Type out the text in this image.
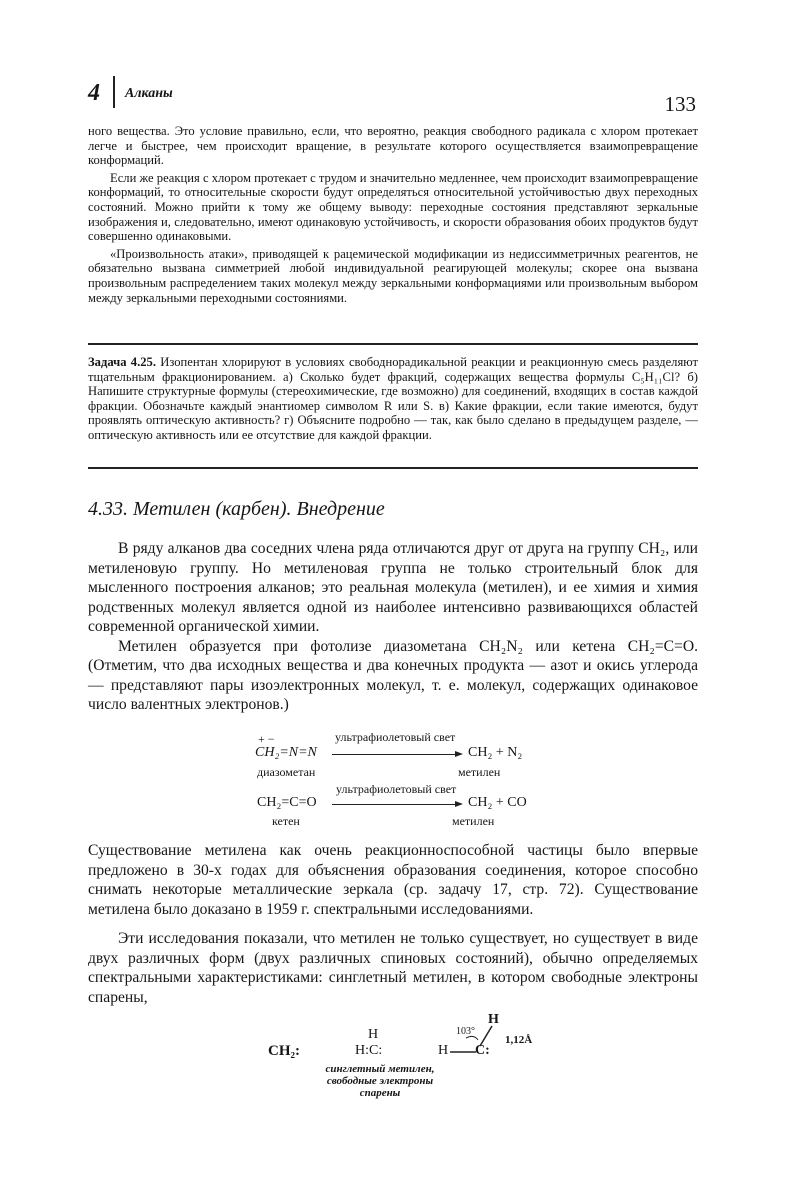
4 Алканы	133

ного вещества. Это условие правильно, если, что вероятно, реакция свободного радикала с хлором протекает легче и быстрее, чем происходит вращение, в результате которого осуществляется взаимопревращение конформаций.

Если же реакция с хлором протекает с трудом и значительно медленнее, чем происходит взаимопревращение конформаций, то относительные скорости будут определяться относительной устойчивостью двух переходных состояний. Можно прийти к тому же общему выводу: переходные состояния представляют зеркальные изображения и, следовательно, имеют одинаковую устойчивость, и скорости образования обоих продуктов будут совершенно одинаковыми.

«Произвольность атаки», приводящей к рацемической модификации из недиссимметричных реагентов, не обязательно вызвана симметрией любой индивидуальной реагирующей молекулы; скорее она вызвана произвольным распределением таких молекул между зеркальными конформациями или произвольным выбором между зеркальными переходными состояниями.

Задача 4.25. Изопентан хлорируют в условиях свободнорадикальной реакции и реакционную смесь разделяют тщательным фракционированием. а) Сколько будет фракций, содержащих вещества формулы C₅H₁₁Cl? б) Напишите структурные формулы (стереохимические, где возможно) для соединений, входящих в состав каждой фракции. Обозначьте каждый энантиомер символом R или S. в) Какие фракции, если такие имеются, будут проявлять оптическую активность? г) Объясните подробно — так, как было сделано в предыдущем разделе, — оптическую активность или ее отсутствие для каждой фракции.

4.33. Метилен (карбен). Внедрение

В ряду алканов два соседних члена ряда отличаются друг от друга на группу CH₂, или метиленовую группу. Но метиленовая группа не только строительный блок для мысленного построения алканов; это реальная молекула (метилен), и ее химия и химия родственных молекул является одной из наиболее интенсивно развивающихся областей современной органической химии.

Метилен образуется при фотолизе диазометана CH₂N₂ или кетена CH₂=C=O. (Отметим, что два исходных вещества и два конечных продукта — азот и окись углерода — представляют пары изоэлектронных молекул, т. е. молекул, содержащих одинаковое число валентных электронов.)

+ −
CH₂=N=N
ультрафиолетовый свет
CH₂ + N₂
диазометан	метилен
CH₂=C=O
ультрафиолетовый свет
CH₂ + CO
кетен	метилен

Существование метилена как очень реакционноспособной частицы было впервые предложено в 30-х годах для объяснения образования соединения, которое способно снимать некоторые металлические зеркала (ср. задачу 17, стр. 72). Существование метилена было доказано в 1959 г. спектральными исследованиями.

Эти исследования показали, что метилен не только существует, но существует в виде двух различных форм (двух различных спиновых состояний), обычно определяемых спектральными характеристиками: синглетный метилен, в котором свободные электроны спарены,

CH₂:
H
H:C:
H
H C:
103°
1,12Å
синглетный метилен,
свободные электроны
спарены
